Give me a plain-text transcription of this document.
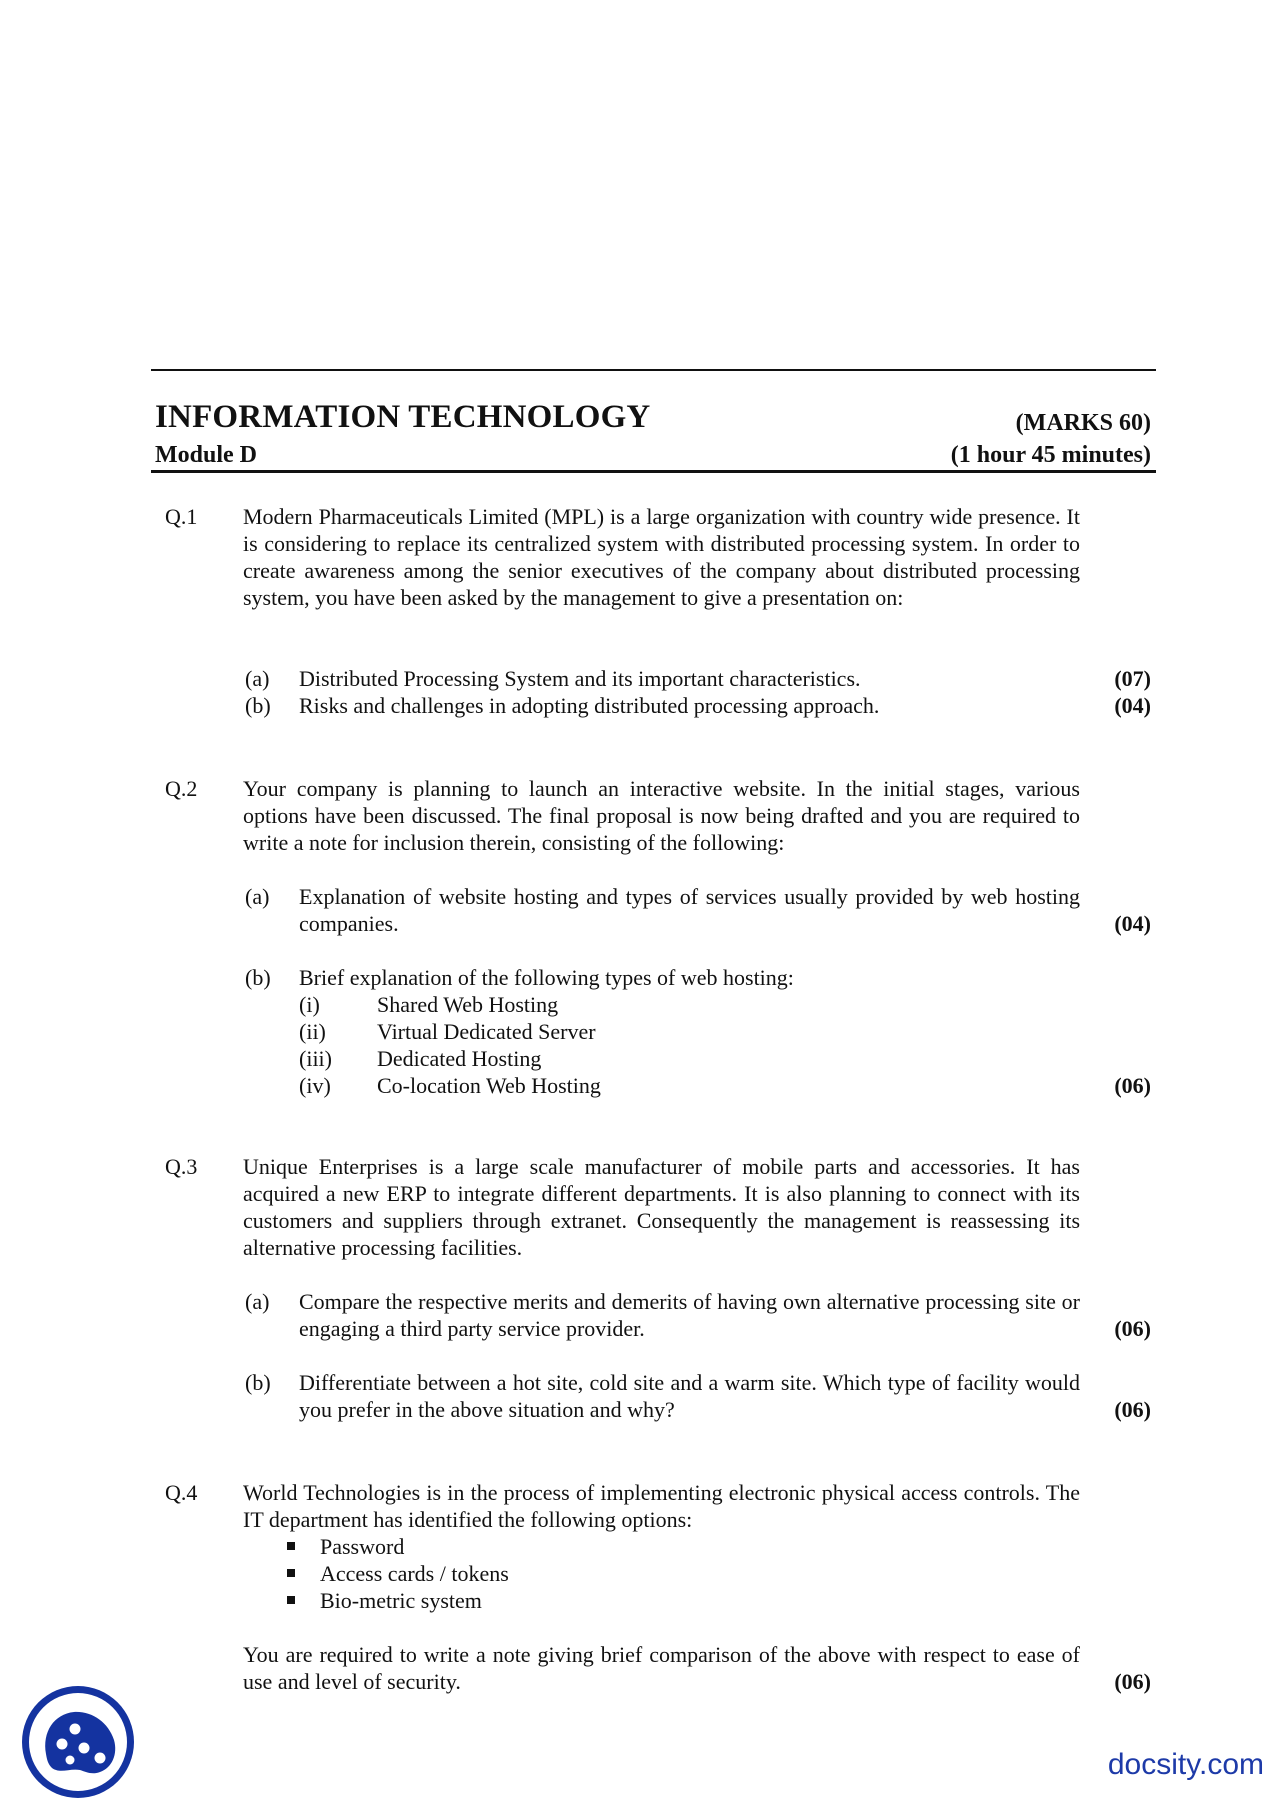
INFORMATION TECHNOLOGY	(MARKS 60)
Module D	(1 hour 45 minutes)
Q.1 Modern Pharmaceuticals Limited (MPL) is a large organization with country wide presence. It is considering to replace its centralized system with distributed processing system. In order to create awareness among the senior executives of the company about distributed processing system, you have been asked by the management to give a presentation on:
(a) Distributed Processing System and its important characteristics.	(07)
(b) Risks and challenges in adopting distributed processing approach.	(04)
Q.2 Your company is planning to launch an interactive website. In the initial stages, various options have been discussed. The final proposal is now being drafted and you are required to write a note for inclusion therein, consisting of the following:
(a) Explanation of website hosting and types of services usually provided by web hosting companies.	(04)
(b) Brief explanation of the following types of web hosting:
(i)	Shared Web Hosting
(ii) Virtual Dedicated Server
(iii) Dedicated Hosting
(iv) Co-location Web Hosting	(06)
Q.3 Unique Enterprises is a large scale manufacturer of mobile parts and accessories. It has acquired a new ERP to integrate different departments. It is also planning to connect with its customers and suppliers through extranet. Consequently the management is reassessing its alternative processing facilities.
(a) Compare the respective merits and demerits of having own alternative processing site or engaging a third party service provider.	(06)
(b) Differentiate between a hot site, cold site and a warm site. Which type of facility would you prefer in the above situation and why?	(06)
Q.4 World Technologies is in the process of implementing electronic physical access controls. The IT department has identified the following options:
Password
Access cards / tokens
Bio-metric system
You are required to write a note giving brief comparison of the above with respect to ease of use and level of security.	(06)
docsity.com
